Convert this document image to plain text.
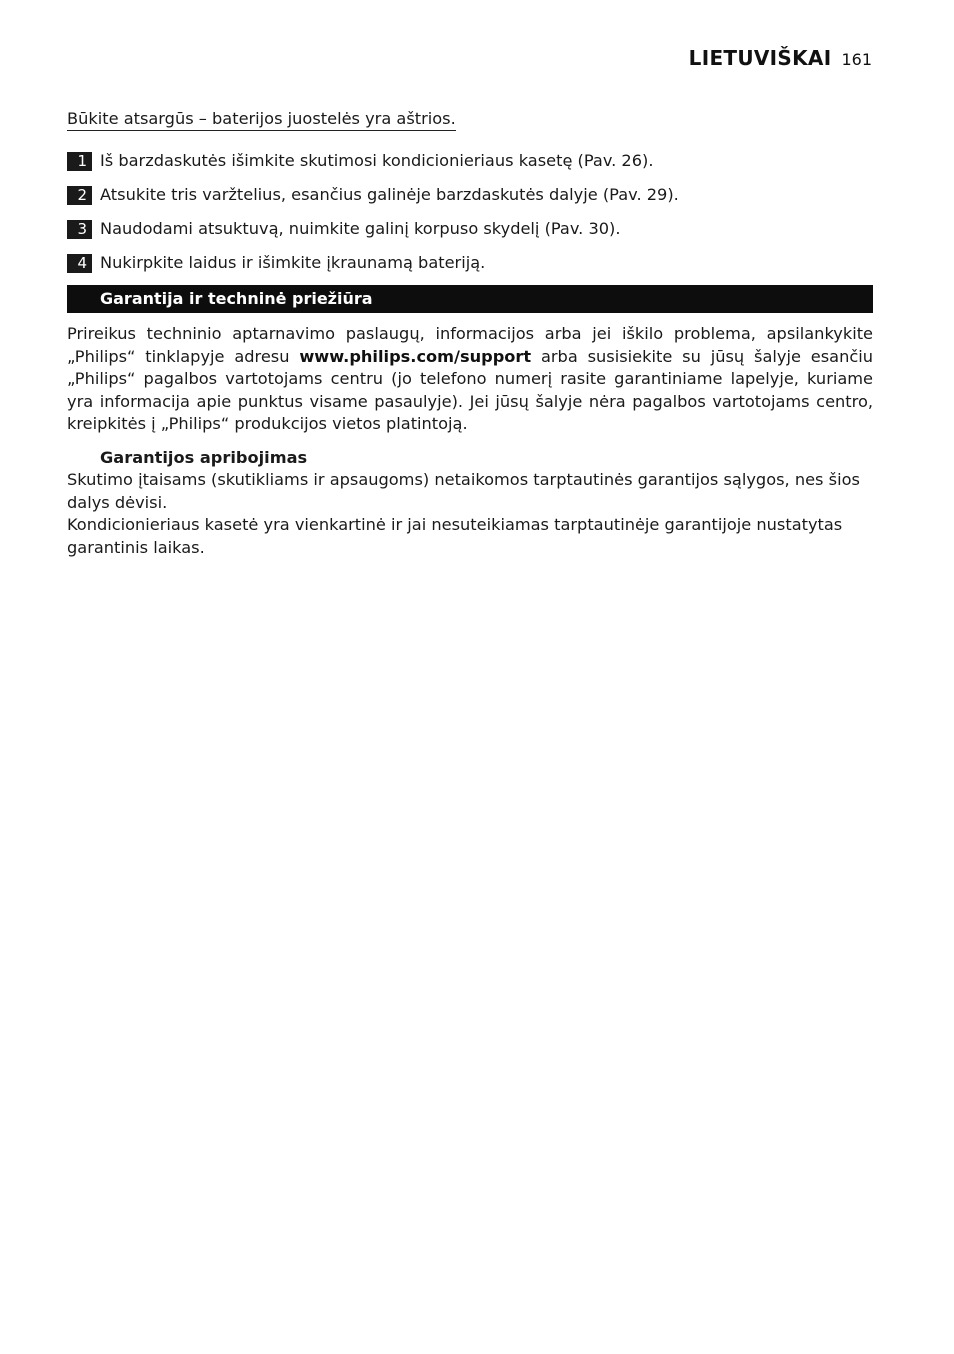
LIETUVIŠKAI 161

Būkite atsargūs – baterijos juostelės yra aštrios.

1 Iš barzdaskutės išimkite skutimosi kondicionieriaus kasetę (Pav. 26).
2 Atsukite tris varžtelius, esančius galinėje barzdaskutės dalyje (Pav. 29).
3 Naudodami atsuktuvą, nuimkite galinį korpuso skydelį (Pav. 30).
4 Nukirpkite laidus ir išimkite įkraunamą bateriją.
Garantija ir techninė priežiūra

Prireikus techninio aptarnavimo paslaugų, informacijos arba jei iškilo problema, apsilankykite „Philips“ tinklapyje adresu www.philips.com/support arba susisiekite su jūsų šalyje esančiu „Philips“ pagalbos vartotojams centru (jo telefono numerį rasite garantiniame lapelyje, kuriame yra informacija apie punktus visame pasaulyje). Jei jūsų šalyje nėra pagalbos vartotojams centro, kreipkitės į „Philips“ produkcijos vietos platintoją.

Garantijos apribojimas

Skutimo įtaisams (skutikliams ir apsaugoms) netaikomos tarptautinės garantijos sąlygos, nes šios dalys dėvisi.

Kondicionieriaus kasetė yra vienkartinė ir jai nesuteikiamas tarptautinėje garantijoje nustatytas garantinis laikas.
